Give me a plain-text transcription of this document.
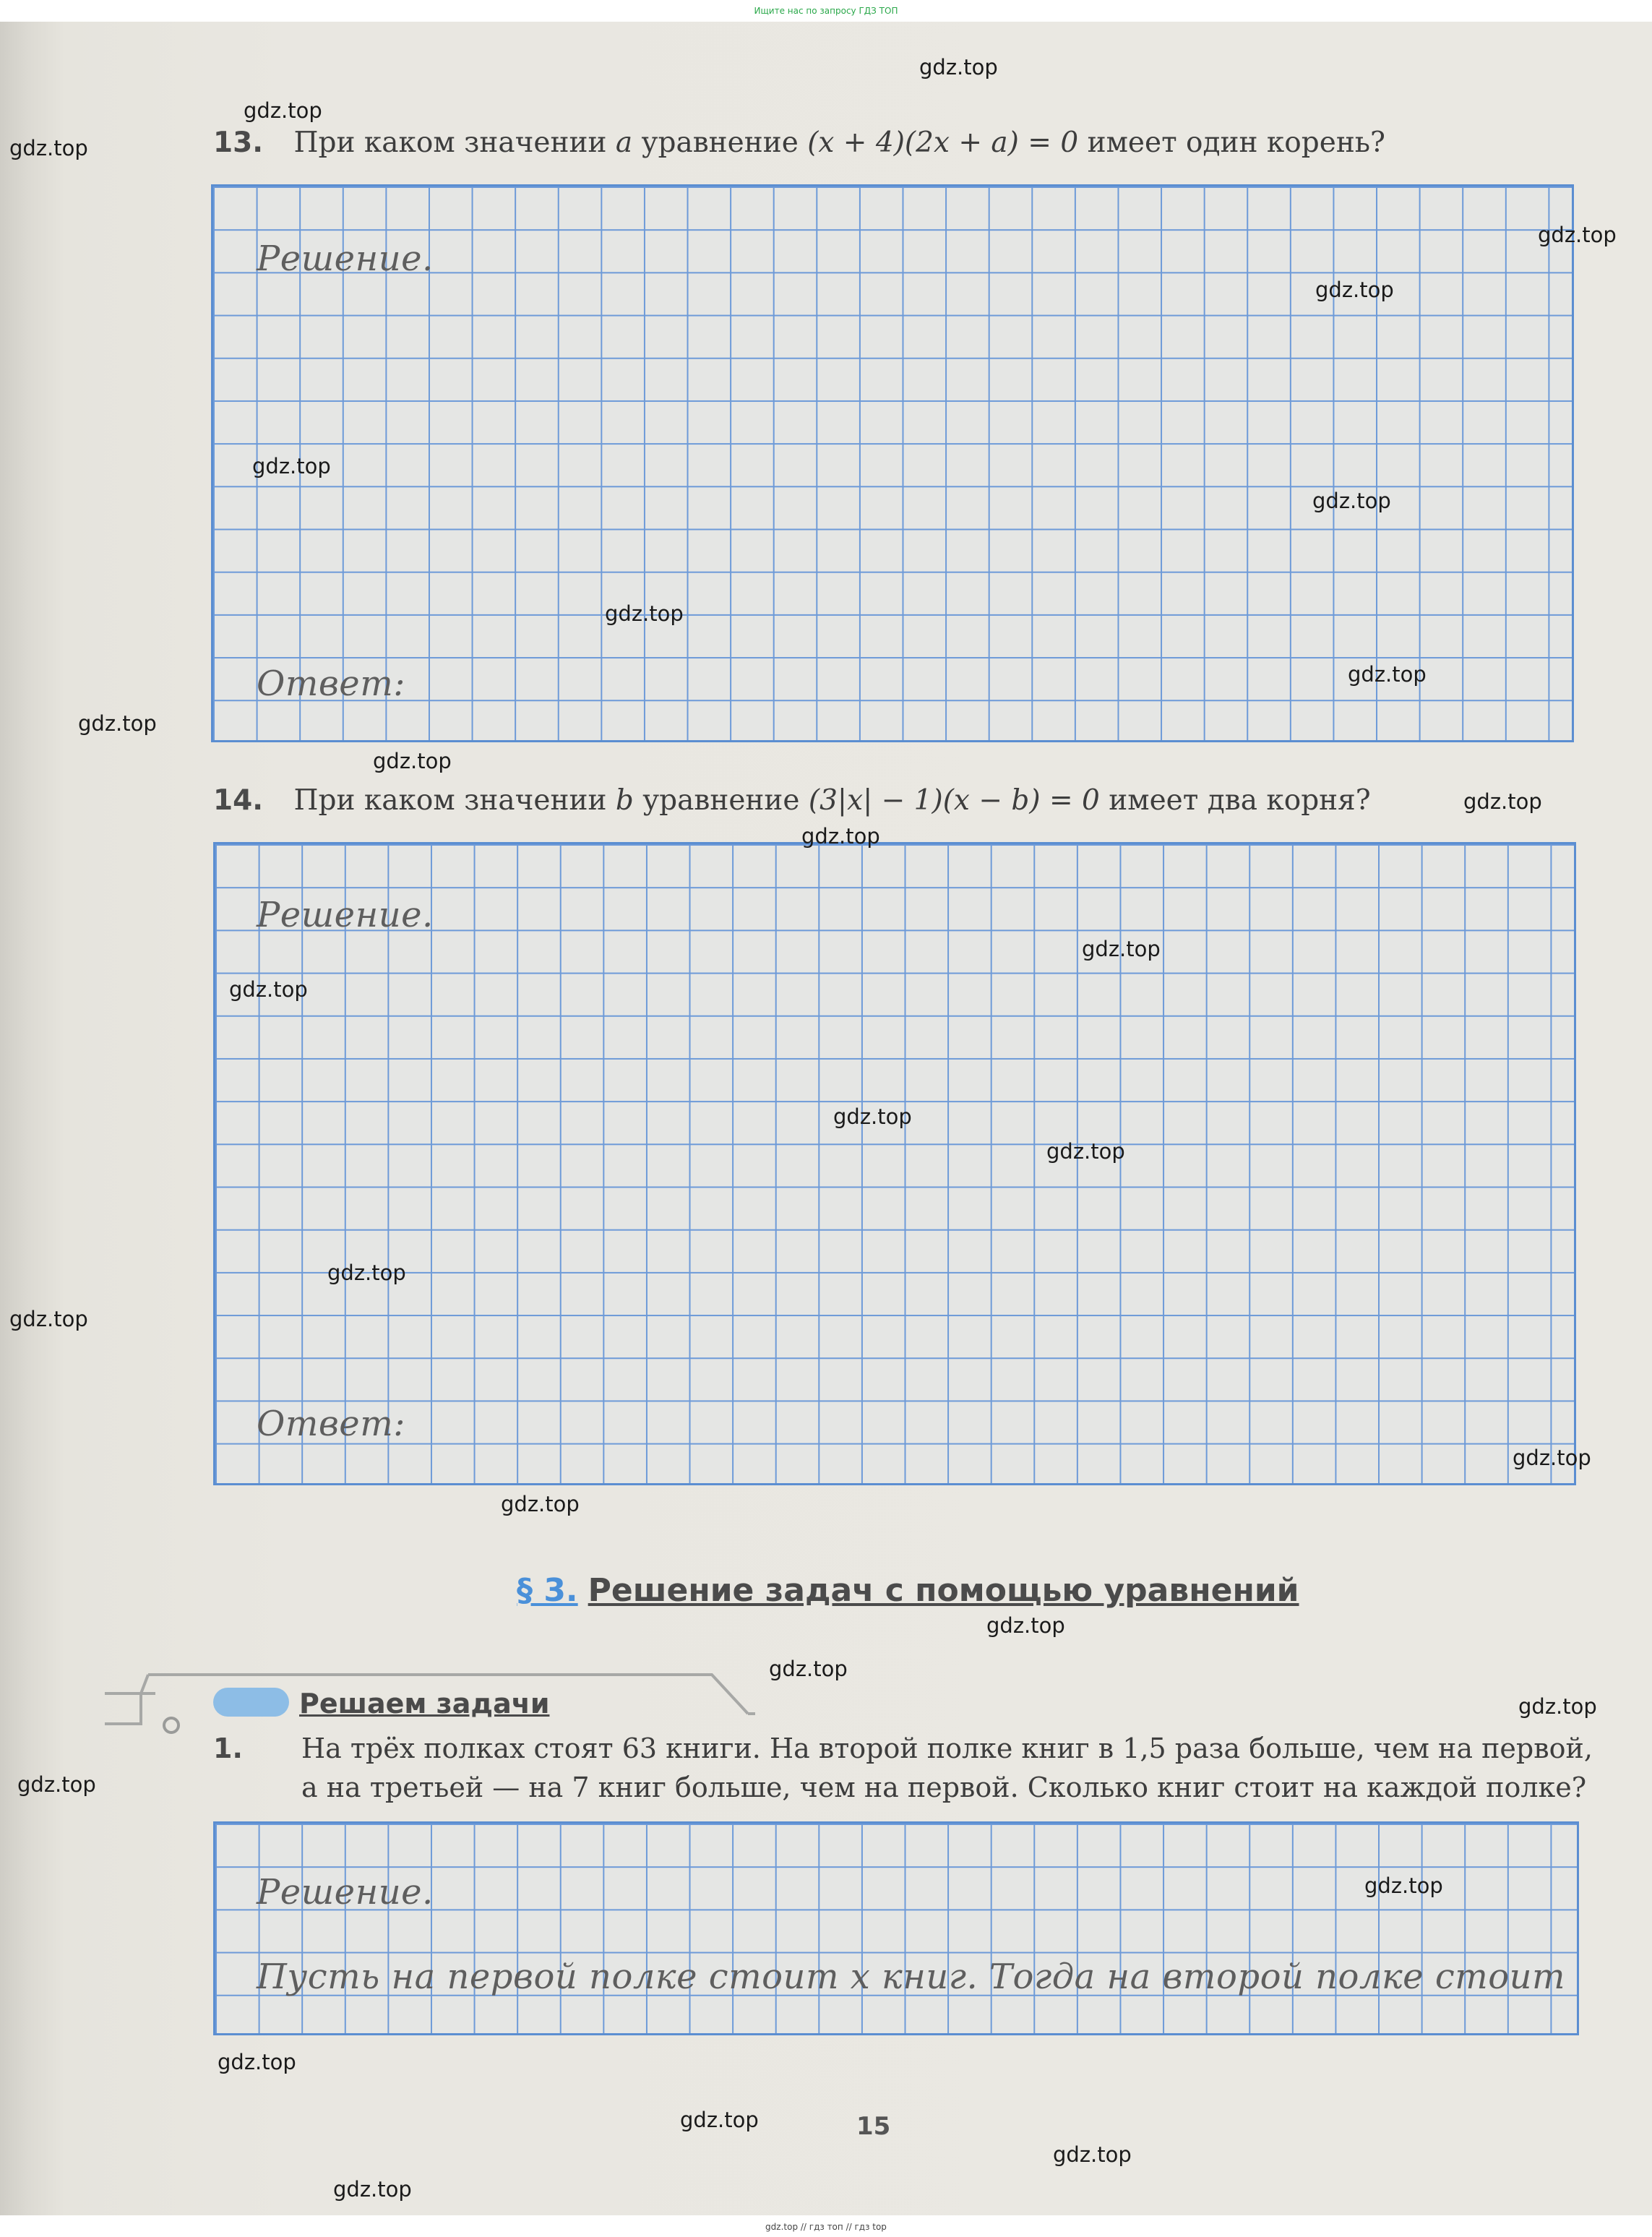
Ищите нас по запросу ГДЗ ТОП
13. При каком значении a уравнение (x + 4)(2x + a) = 0 имеет один корень?
Решение.
Ответ:
14. При каком значении b уравнение (3|x| − 1)(x − b) = 0 имеет два корня?
Решение.
Ответ:
§ 3. Решение задач с помощью уравнений
Решаем задачи
1. На трёх полках стоят 63 книги. На второй полке книг в 1,5 раза больше, чем на первой,
а на третьей — на 7 книг больше, чем на первой. Сколько книг стоит на каждой полке?
Решение.
Пусть на первой полке стоит х книг. Тогда на второй полке стоит
15
gdz.top
gdz.top
gdz.top
gdz.top
gdz.top
gdz.top
gdz.top
gdz.top
gdz.top
gdz.top
gdz.top
gdz.top
gdz.top
gdz.top
gdz.top
gdz.top
gdz.top
gdz.top
gdz.top
gdz.top
gdz.top
gdz.top
gdz.top
gdz.top
gdz.top
gdz.top
gdz.top
gdz.top
gdz.top
gdz.top
gdz.top // гдз топ // гдз top
